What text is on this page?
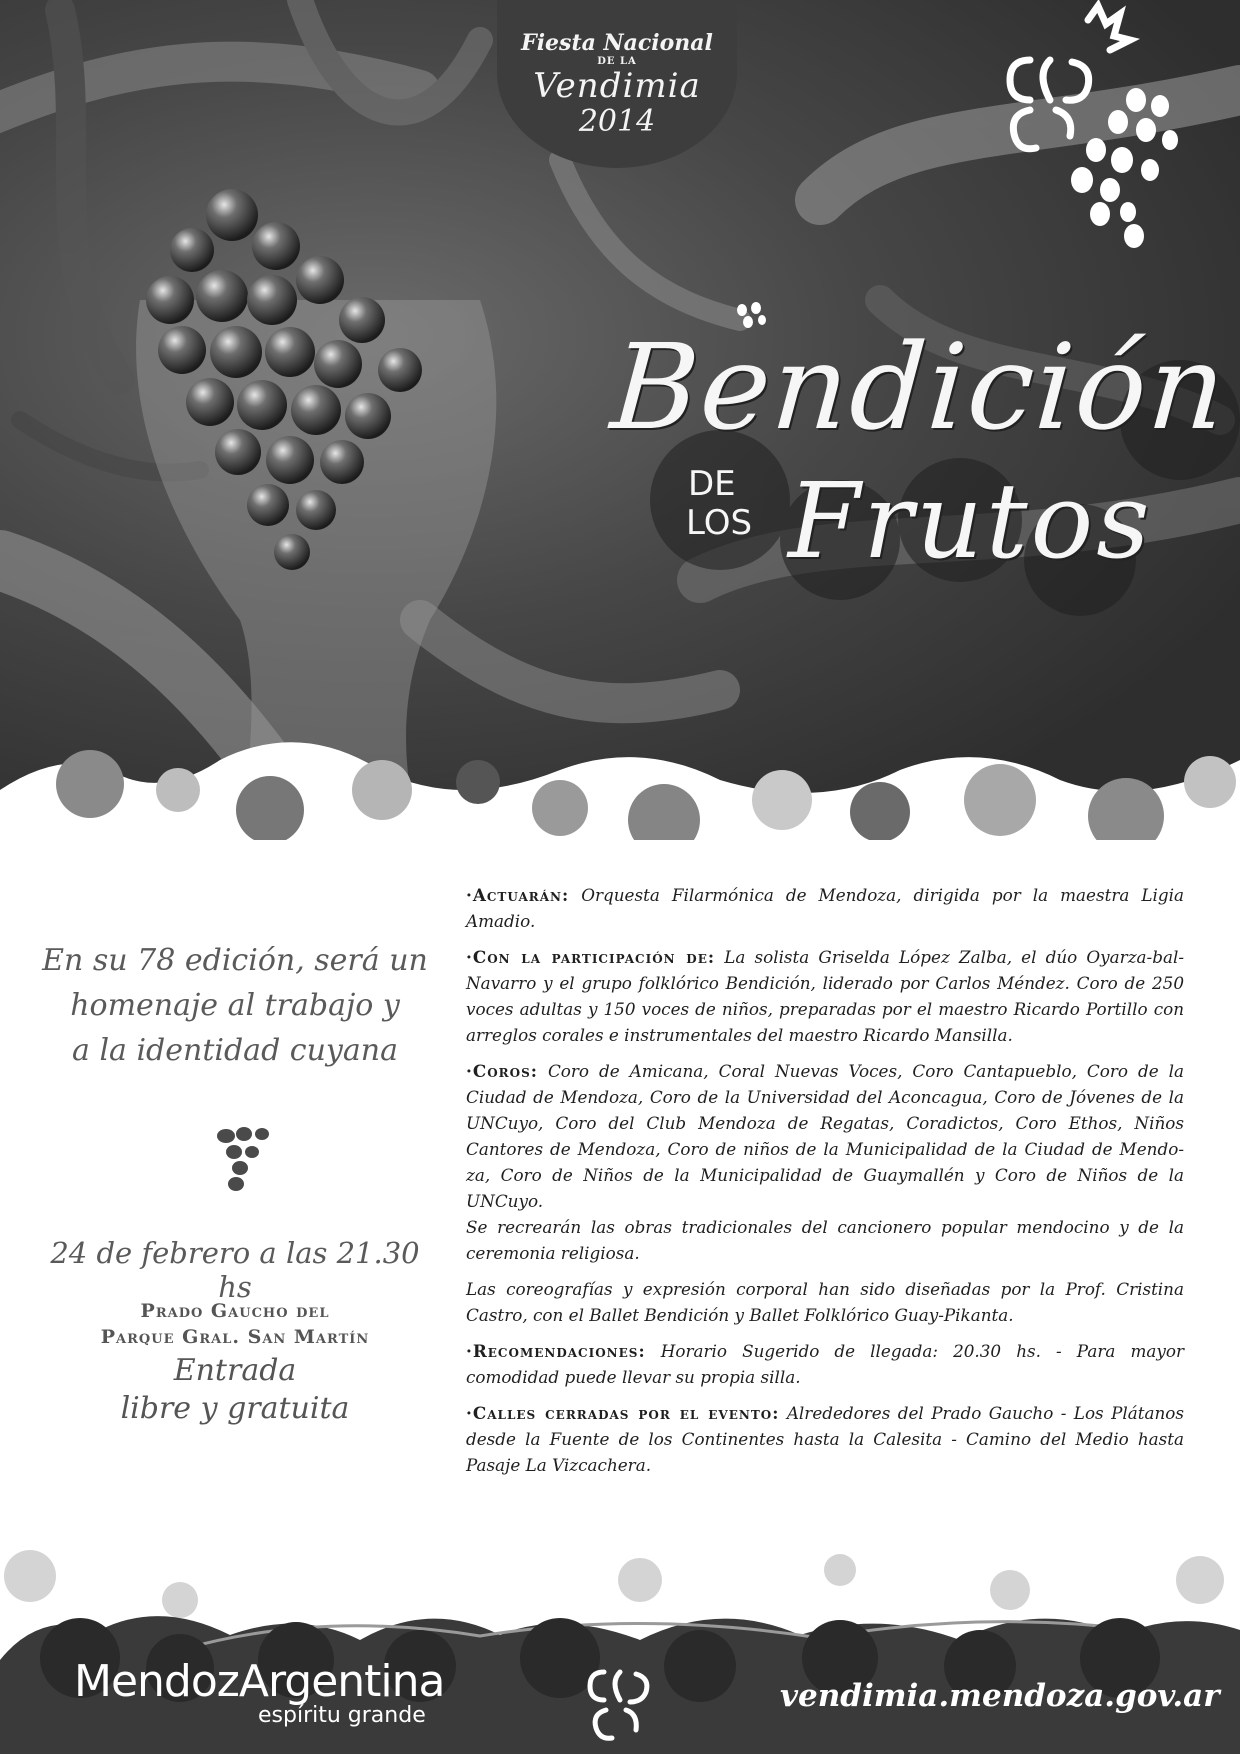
Fiesta Nacional
DE LA
Vendimia
2014
Bendición
DE
LOS Frutos
En su 78 edición, será un
homenaje al trabajo y
a la identidad cuyana
24 de febrero a las 21.30 hs
Prado Gaucho del
Parque Gral. San Martín
Entrada
libre y gratuita

·Actuarán: Orquesta Filarmónica de Mendoza, dirigida por la maestra Ligia Amadio.

·Con la participación de: La solista Griselda López Zalba, el dúo Oyarza-bal- Navarro y el grupo folklórico Bendición, liderado por Carlos Méndez. Coro de 250 voces adultas y 150 voces de niños, preparadas por el maestro Ricardo Portillo con arreglos corales e instrumentales del maestro Ricardo Mansilla.

·Coros: Coro de Amicana, Coral Nuevas Voces, Coro Cantapueblo, Coro de la Ciudad de Mendoza, Coro de la Universidad del Aconcagua, Coro de Jóvenes de la UNCuyo, Coro del Club Mendoza de Regatas, Coradictos, Coro Ethos, Niños Cantores de Mendoza, Coro de niños de la Municipalidad de la Ciudad de Mendo-za, Coro de Niños de la Municipalidad de Guaymallén y Coro de Niños de la UNCuyo.

Se recrearán las obras tradicionales del cancionero popular mendocino y de la ceremonia religiosa.

Las coreografías y expresión corporal han sido diseñadas por la Prof. Cristina Castro, con el Ballet Bendición y Ballet Folklórico Guay-Pikanta.

·Recomendaciones: Horario Sugerido de llegada: 20.30 hs. - Para mayor comodidad puede llevar su propia silla.

·Calles cerradas por el evento: Alrededores del Prado Gaucho - Los Plátanos desde la Fuente de los Continentes hasta la Calesita - Camino del Medio hasta Pasaje La Vizcachera.

MendozArgentina
espíritu grande
vendimia.mendoza.gov.ar
